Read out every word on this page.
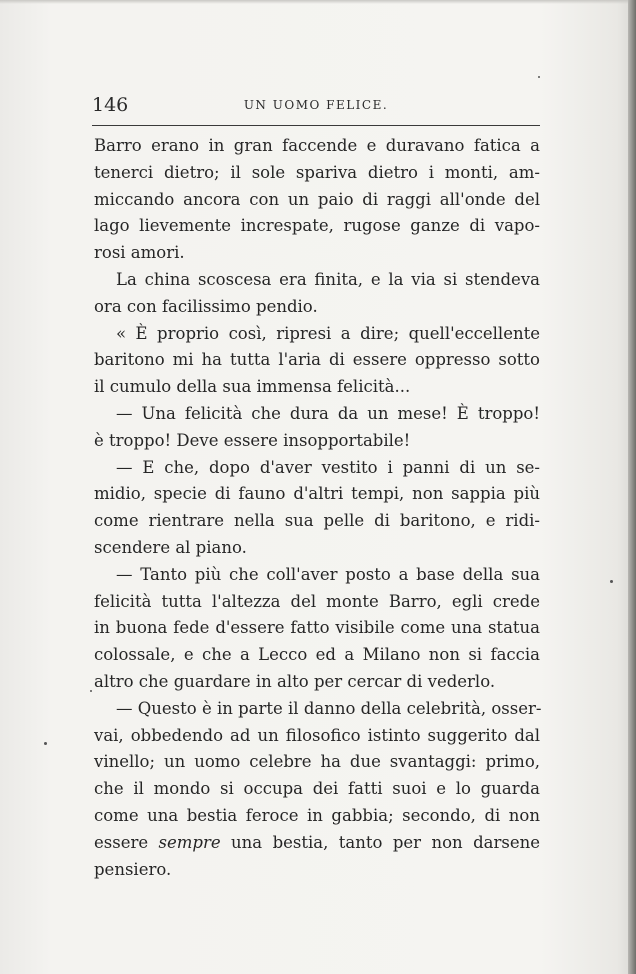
146	UN UOMO FELICE.
Barro erano in gran faccende e duravano fatica a
tenerci dietro; il sole spariva dietro i monti, am-
miccando ancora con un paio di raggi all'onde del
lago lievemente increspate, rugose ganze di vapo-
rosi amori.
La china scoscesa era finita, e la via si stendeva
ora con facilissimo pendio.
« È proprio così, ripresi a dire; quell'eccellente
baritono mi ha tutta l'aria di essere oppresso sotto
il cumulo della sua immensa felicità...
— Una felicità che dura da un mese! È troppo!
è troppo! Deve essere insopportabile!
— E che, dopo d'aver vestito i panni di un se-
midio, specie di fauno d'altri tempi, non sappia più
come rientrare nella sua pelle di baritono, e ridi-
scendere al piano.
— Tanto più che coll'aver posto a base della sua
felicità tutta l'altezza del monte Barro, egli crede
in buona fede d'essere fatto visibile come una statua
colossale, e che a Lecco ed a Milano non si faccia
altro che guardare in alto per cercar di vederlo.
— Questo è in parte il danno della celebrità, osser-
vai, obbedendo ad un filosofico istinto suggerito dal
vinello; un uomo celebre ha due svantaggi: primo,
che il mondo si occupa dei fatti suoi e lo guarda
come una bestia feroce in gabbia; secondo, di non
essere sempre una bestia, tanto per non darsene
pensiero.
